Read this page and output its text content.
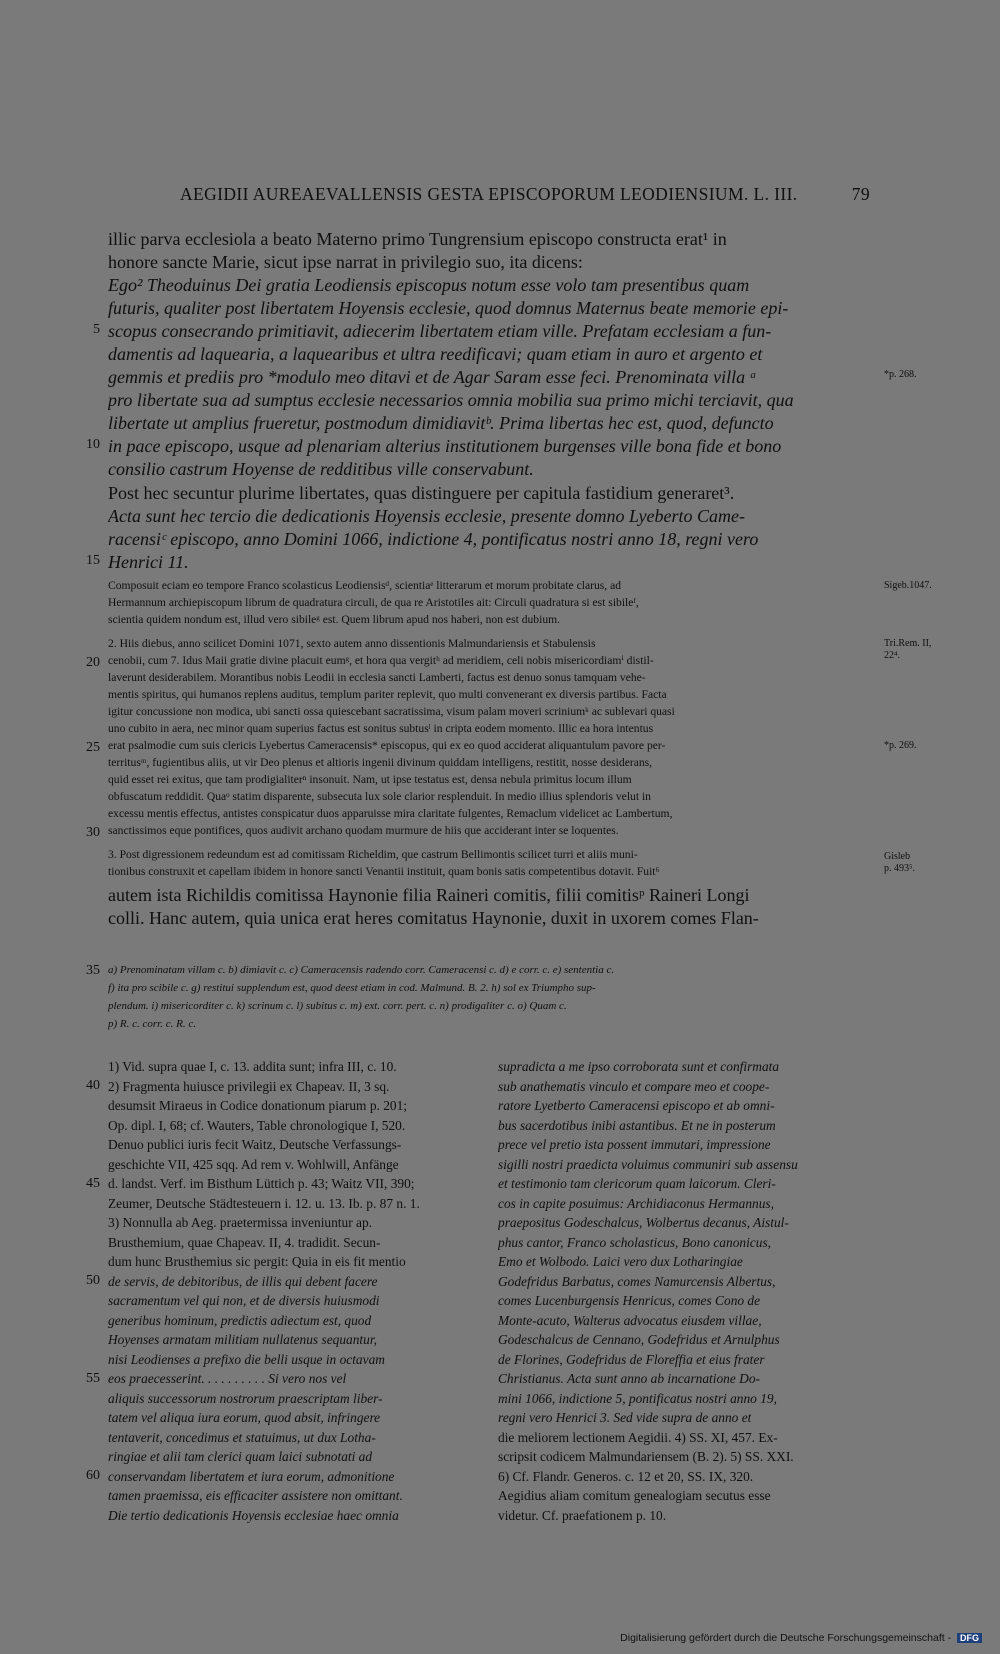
AEGIDII AUREAEVALLENSIS GESTA EPISCOPORUM LEODIENSIUM. L. III.	79
illic parva ecclesiola a beato Materno primo Tungrensium episcopo constructa erat¹ in
honore sancte Marie, sicut ipse narrat in privilegio suo, ita dicens:
Ego² Theoduinus Dei gratia Leodiensis episcopus notum esse volo tam presentibus quam
futuris, qualiter post libertatem Hoyensis ecclesie, quod domnus Maternus beate memorie epi-
scopus consecrando primitiavit, adiecerim libertatem etiam ville. Prefatam ecclesiam a fun-
damentis ad laquearia, a laquearibus et ultra reedificavi; quam etiam in auro et argento et
gemmis et prediis pro *modulo meo ditavi et de Agar Saram esse feci. Prenominata villa ᵃ
pro libertate sua ad sumptus ecclesie necessarios omnia mobilia sua primo michi terciavit, qua
libertate ut amplius frueretur, postmodum dimidiavitᵇ. Prima libertas hec est, quod, defuncto
in pace episcopo, usque ad plenariam alterius institutionem burgenses ville bona fide et bono
consilio castrum Hoyense de redditibus ville conservabunt.
Post hec secuntur plurime libertates, quas distinguere per capitula fastidium generaret³.
Acta sunt hec tercio die dedicationis Hoyensis ecclesie, presente domno Lyeberto Came-
racensiᶜ episcopo, anno Domini 1066, indictione 4, pontificatus nostri anno 18, regni vero
Henrici 11.
Composuit eciam eo tempore Franco scolasticus Leodiensisᵈ, scientiaᵉ litterarum et morum probitate clarus, ad
Hermannum archiepiscopum librum de quadratura circuli, de qua re Aristotiles ait: Circuli quadratura si est sibileᶠ,
scientia quidem nondum est, illud vero sibileᵍ est. Quem librum apud nos haberi, non est dubium.
2. Hiis diebus, anno scilicet Domini 1071, sexto autem anno dissentionis Malmundariensis et Stabulensis
cenobii, cum 7. Idus Maii gratie divine placuit eumᵍ, et hora qua vergitʰ ad meridiem, celi nobis misericordiamⁱ distil-
laverunt desiderabilem. Morantibus nobis Leodii in ecclesia sancti Lamberti, factus est denuo sonus tamquam vehe-
mentis spiritus, qui humanos replens auditus, templum pariter replevit, quo multi convenerant ex diversis partibus. Facta
igitur concussione non modica, ubi sancti ossa quiescebant sacratissima, visum palam moveri scriniumᵏ ac sublevari quasi
uno cubito in aera, nec minor quam superius factus est sonitus subtusˡ in cripta eodem momento. Illic ea hora intentus
erat psalmodie cum suis clericis Lyebertus Cameracensis* episcopus, qui ex eo quod acciderat aliquantulum pavore per-
territusᵐ, fugientibus aliis, ut vir Deo plenus et altioris ingenii divinum quiddam intelligens, restitit, nosse desiderans,
quid esset rei exitus, que tam prodigialiterⁿ insonuit. Nam, ut ipse testatus est, densa nebula primitus locum illum
obfuscatum reddidit. Quaᵒ statim disparente, subsecuta lux sole clarior resplenduit. In medio illius splendoris velut in
excessu mentis effectus, antistes conspicatur duos apparuisse mira claritate fulgentes, Remaclum videlicet ac Lambertum,
sanctissimos eque pontifices, quos audivit archano quodam murmure de hiis que acciderant inter se loquentes.
3. Post digressionem redeundum est ad comitissam Richeldim, que castrum Bellimontis scilicet turri et aliis muni-
tionibus construxit et capellam ibidem in honore sancti Venantii instituit, quam bonis satis competentibus dotavit. Fuit⁶
autem ista Richildis comitissa Haynonie filia Raineri comitis, filii comitisᵖ Raineri Longi
colli. Hanc autem, quia unica erat heres comitatus Haynonie, duxit in uxorem comes Flan-
5
10
15
20
25
30
35
40
45
50
55
60
*p. 268.
Sigeb.1047.
Tri.Rem. II,
22⁴.
*p. 269.
Gisleb
p. 493⁵.
a) Prenominatam villam c. b) dimiavit c. c) Cameracensis radendo corr. Cameracensi c. d) e corr. c. e) sententia c.
f) ita pro scibile c. g) restitui supplendum est, quod deest etiam in cod. Malmund. B. 2. h) sol ex Triumpho sup-
plendum. i) misericorditer c. k) scrinum c. l) subitus c. m) ext. corr. pert. c. n) prodigaliter c. o) Quam c.
p) R. c. corr. c. R. c.
1) Vid. supra quae I, c. 13. addita sunt; infra III, c. 10.
2) Fragmenta huiusce privilegii ex Chapeav. II, 3 sq.
desumsit Miraeus in Codice donationum piarum p. 201;
Op. dipl. I, 68; cf. Wauters, Table chronologique I, 520.
Denuo publici iuris fecit Waitz, Deutsche Verfassungs-
geschichte VII, 425 sqq. Ad rem v. Wohlwill, Anfänge
d. landst. Verf. im Bisthum Lüttich p. 43; Waitz VII, 390;
Zeumer, Deutsche Städtesteuern i. 12. u. 13. Ib. p. 87 n. 1.
3) Nonnulla ab Aeg. praetermissa inveniuntur ap.
Brusthemium, quae Chapeav. II, 4. tradidit. Secun-
dum hunc Brusthemius sic pergit: Quia in eis fit mentio
de servis, de debitoribus, de illis qui debent facere
sacramentum vel qui non, et de diversis huiusmodi
generibus hominum, predictis adiectum est, quod
Hoyenses armatam militiam nullatenus sequantur,
nisi Leodienses a prefixo die belli usque in octavam
eos praecesserint. . . . . . . . . . Si vero nos vel
aliquis successorum nostrorum praescriptam liber-
tatem vel aliqua iura eorum, quod absit, infringere
tentaverit, concedimus et statuimus, ut dux Lotha-
ringiae et alii tam clerici quam laici subnotati ad
conservandam libertatem et iura eorum, admonitione
tamen praemissa, eis efficaciter assistere non omittant.
Die tertio dedicationis Hoyensis ecclesiae haec omnia
supradicta a me ipso corroborata sunt et confirmata
sub anathematis vinculo et compare meo et coope-
ratore Lyetberto Cameracensi episcopo et ab omni-
bus sacerdotibus inibi astantibus. Et ne in posterum
prece vel pretio ista possent immutari, impressione
sigilli nostri praedicta voluimus communiri sub assensu
et testimonio tam clericorum quam laicorum. Cleri-
cos in capite posuimus: Archidiaconus Hermannus,
praepositus Godeschalcus, Wolbertus decanus, Aistul-
phus cantor, Franco scholasticus, Bono canonicus,
Emo et Wolbodo. Laici vero dux Lotharingiae
Godefridus Barbatus, comes Namurcensis Albertus,
comes Lucenburgensis Henricus, comes Cono de
Monte-acuto, Walterus advocatus eiusdem villae,
Godeschalcus de Cennano, Godefridus et Arnulphus
de Florines, Godefridus de Floreffia et eius frater
Christianus. Acta sunt anno ab incarnatione Do-
mini 1066, indictione 5, pontificatus nostri anno 19,
regni vero Henrici 3. Sed vide supra de anno et
die meliorem lectionem Aegidii. 4) SS. XI, 457. Ex-
scripsit codicem Malmundariensem (B. 2). 5) SS. XXI.
6) Cf. Flandr. Generos. c. 12 et 20, SS. IX, 320.
Aegidius aliam comitum genealogiam secutus esse
videtur. Cf. praefationem p. 10.
Digitalisierung gefördert durch die Deutsche Forschungsgemeinschaft - DFG
